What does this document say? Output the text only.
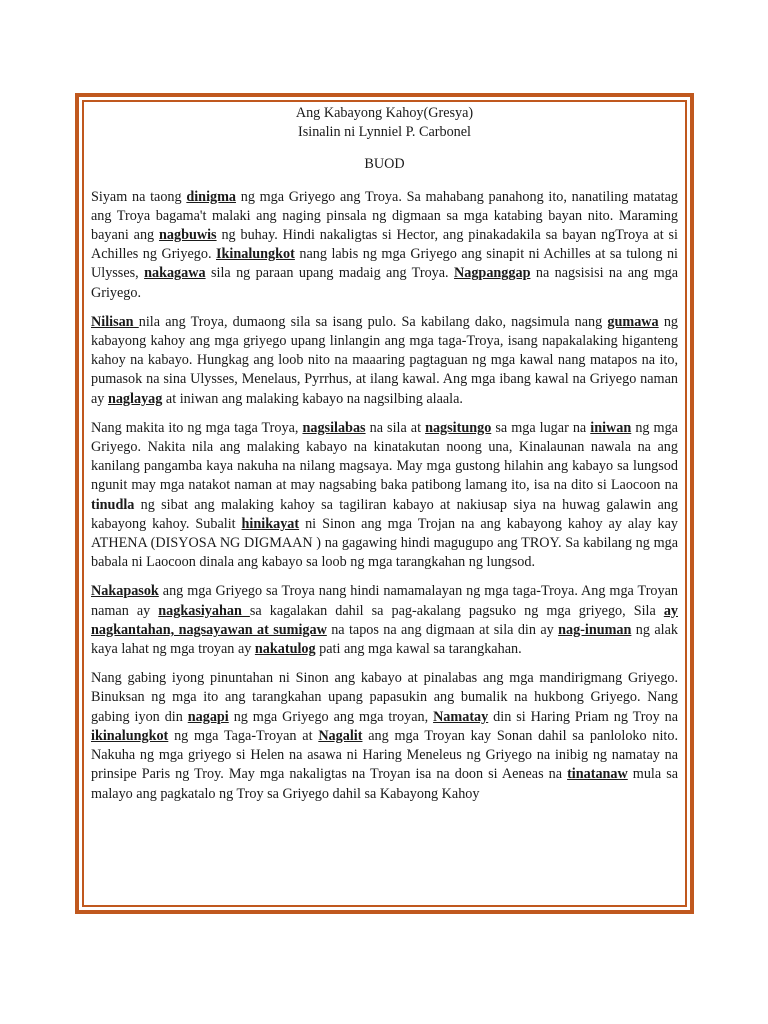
Ang Kabayong Kahoy(Gresya)
Isinalin ni Lynniel P. Carbonel
BUOD

Siyam na taong dinigma ng mga Griyego ang Troya. Sa mahabang panahong ito, nanatiling matatag ang Troya bagama't malaki ang naging pinsala ng digmaan sa mga katabing bayan nito. Maraming bayani ang nagbuwis ng buhay. Hindi nakaligtas si Hector, ang pinakadakila sa bayan ngTroya at si Achilles ng Griyego. Ikinalungkot nang labis ng mga Griyego ang sinapit ni Achilles at sa tulong ni Ulysses, nakagawa sila ng paraan upang madaig ang Troya. Nagpanggap na nagsisisi na ang mga Griyego.

Nilisan nila ang Troya, dumaong sila sa isang pulo. Sa kabilang dako, nagsimula nang gumawa ng kabayong kahoy ang mga griyego upang linlangin ang mga taga-Troya, isang napakalaking higanteng kahoy na kabayo. Hungkag ang loob nito na maaaring pagtaguan ng mga kawal nang matapos na ito, pumasok na sina Ulysses, Menelaus, Pyrrhus, at ilang kawal. Ang mga ibang kawal na Griyego naman ay naglayag at iniwan ang malaking kabayo na nagsilbing alaala.

Nang makita ito ng mga taga Troya, nagsilabas na sila at nagsitungo sa mga lugar na iniwan ng mga Griyego. Nakita nila ang malaking kabayo na kinatakutan noong una, Kinalaunan nawala na ang kanilang pangamba kaya nakuha na nilang magsaya. May mga gustong hilahin ang kabayo sa lungsod ngunit may mga natakot naman at may nagsabing baka patibong lamang ito, isa na dito si Laocoon na tinudla ng sibat ang malaking kahoy sa tagiliran kabayo at nakiusap siya na huwag galawin ang kabayong kahoy. Subalit hinikayat ni Sinon ang mga Trojan na ang kabayong kahoy ay alay kay ATHENA (DISYOSA NG DIGMAAN ) na gagawing hindi magugupo ang TROY. Sa kabilang ng mga babala ni Laocoon dinala ang kabayo sa loob ng mga tarangkahan ng lungsod.

Nakapasok ang mga Griyego sa Troya nang hindi namamalayan ng mga taga-Troya. Ang mga Troyan naman ay nagkasiyahan sa kagalakan dahil sa pag-akalang pagsuko ng mga griyego, Sila ay nagkantahan, nagsayawan at sumigaw na tapos na ang digmaan at sila din ay nag-inuman ng alak kaya lahat ng mga troyan ay nakatulog pati ang mga kawal sa tarangkahan.

Nang gabing iyong pinuntahan ni Sinon ang kabayo at pinalabas ang mga mandirigmang Griyego. Binuksan ng mga ito ang tarangkahan upang papasukin ang bumalik na hukbong Griyego. Nang gabing iyon din nagapi ng mga Griyego ang mga troyan, Namatay din si Haring Priam ng Troy na ikinalungkot ng mga Taga-Troyan at Nagalit ang mga Troyan kay Sonan dahil sa panloloko nito. Nakuha ng mga griyego si Helen na asawa ni Haring Meneleus ng Griyego na inibig ng namatay na prinsipe Paris ng Troy. May mga nakaligtas na Troyan isa na doon si Aeneas na tinatanaw mula sa malayo ang pagkatalo ng Troy sa Griyego dahil sa Kabayong Kahoy
